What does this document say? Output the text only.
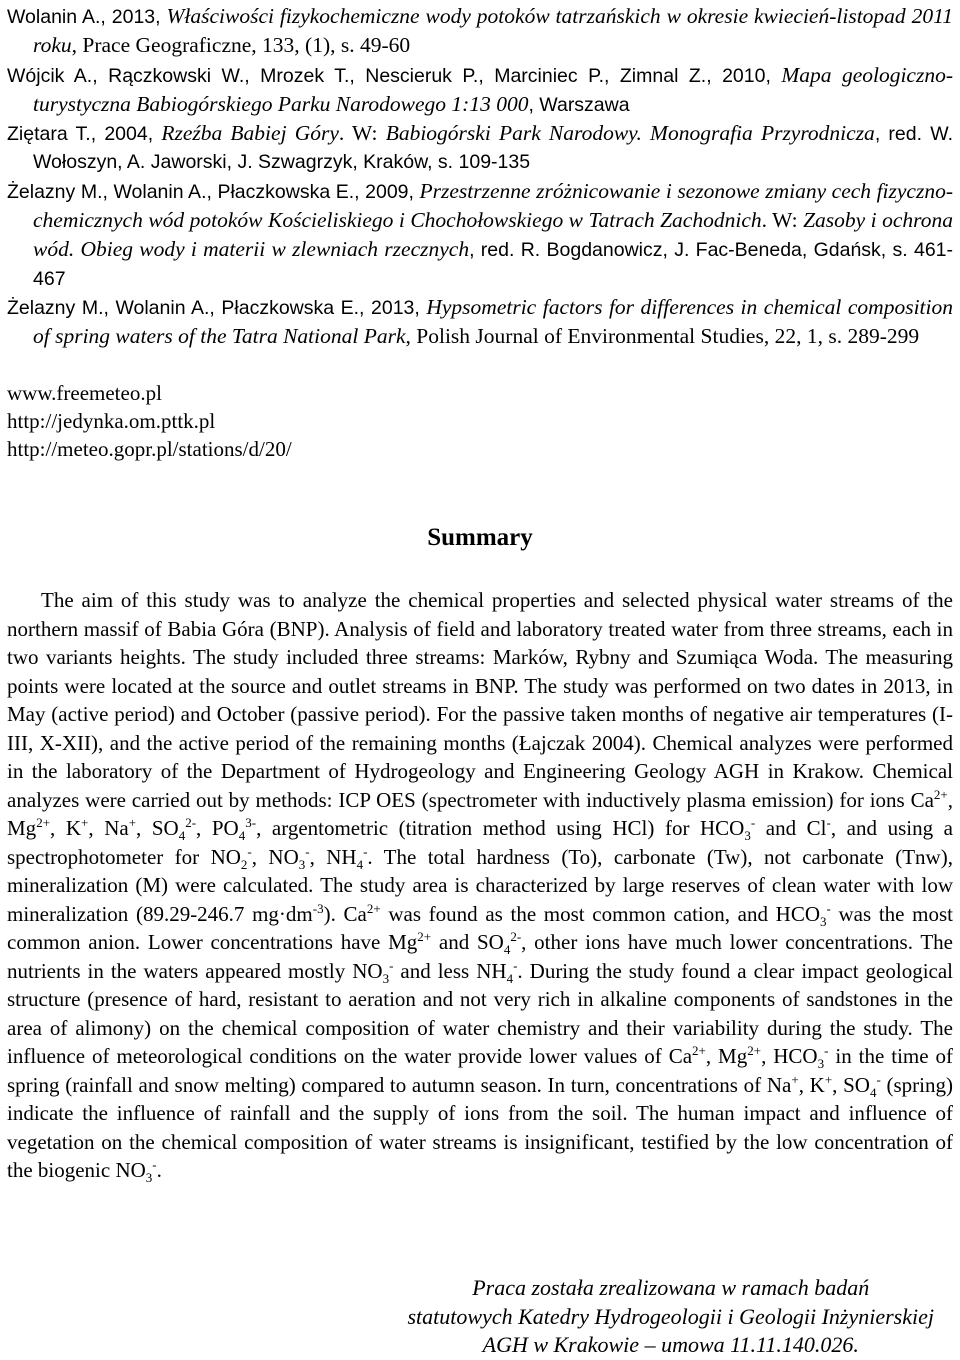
Wolanin A., 2013, Właściwości fizykochemiczne wody potoków tatrzańskich w okresie kwiecień-listopad 2011 roku, Prace Geograficzne, 133, (1), s. 49-60
Wójcik A., Rączkowski W., Mrozek T., Nescieruk P., Marciniec P., Zimnal Z., 2010, Mapa geologiczno-turystyczna Babiogórskiego Parku Narodowego 1:13 000, Warszawa
Ziętara T., 2004, Rzeźba Babiej Góry. W: Babiogórski Park Narodowy. Monografia Przyrodnicza, red. W. Wołoszyn, A. Jaworski, J. Szwagrzyk, Kraków, s. 109-135
Żelazny M., Wolanin A., Płaczkowska E., 2009, Przestrzenne zróżnicowanie i sezonowe zmiany cech fizyczno-chemicznych wód potoków Kościeliskiego i Chochołowskiego w Tatrach Zachodnich. W: Zasoby i ochrona wód. Obieg wody i materii w zlewniach rzecznych, red. R. Bogdanowicz, J. Fac-Beneda, Gdańsk, s. 461-467
Żelazny M., Wolanin A., Płaczkowska E., 2013, Hypsometric factors for differences in chemical composition of spring waters of the Tatra National Park, Polish Journal of Environmental Studies, 22, 1, s. 289-299
www.freemeteo.pl
http://jedynka.om.pttk.pl
http://meteo.gopr.pl/stations/d/20/
Summary
The aim of this study was to analyze the chemical properties and selected physical water streams of the northern massif of Babia Góra (BNP). Analysis of field and laboratory treated water from three streams, each in two variants heights. The study included three streams: Marków, Rybny and Szumiąca Woda. The measuring points were located at the source and outlet streams in BNP. The study was performed on two dates in 2013, in May (active period) and October (passive period). For the passive taken months of negative air temperatures (I-III, X-XII), and the active period of the remaining months (Łajczak 2004). Chemical analyzes were performed in the laboratory of the Department of Hydrogeology and Engineering Geology AGH in Krakow. Chemical analyzes were carried out by methods: ICP OES (spectrometer with inductively plasma emission) for ions $Ca^{2+}$, $Mg^{2+}$, K+, Na+, $SO_4^{2-}$, $PO_4^{3-}$, argentometric (titration method using HCl) for $HCO_3^-$ and Cl-, and using a spectrophotometer for $NO_2^-$, $NO_3^-$, $NH_4^-$. The total hardness (To), carbonate (Tw), not carbonate (Tnw), mineralization (M) were calculated. The study area is characterized by large reserves of clean water with low mineralization (89.29-246.7 $mg\cdot dm^{-3}$). $Ca^{2+}$ was found as the most common cation, and $HCO_3^-$ was the most common anion. Lower concentrations have $Mg^{2+}$ and $SO_4^{2-}$, other ions have much lower concentrations. The nutrients in the waters appeared mostly $NO_3^-$ and less $NH_4^-$. During the study found a clear impact geological structure (presence of hard, resistant to aeration and not very rich in alkaline components of sandstones in the area of alimony) on the chemical composition of water chemistry and their variability during the study. The influence of meteorological conditions on the water provide lower values of $Ca^{2+}$, $Mg^{2+}$, $HCO_3^-$ in the time of spring (rainfall and snow melting) compared to autumn season. In turn, concentrations of Na+, K+, $SO_4^-$ (spring) indicate the influence of rainfall and the supply of ions from the soil. The human impact and influence of vegetation on the chemical composition of water streams is insignificant, testified by the low concentration of the biogenic $NO_3^-$.
Praca została zrealizowana w ramach badań
statutowych Katedry Hydrogeologii i Geologii Inżynierskiej
AGH w Krakowie – umowa 11.11.140.026.
